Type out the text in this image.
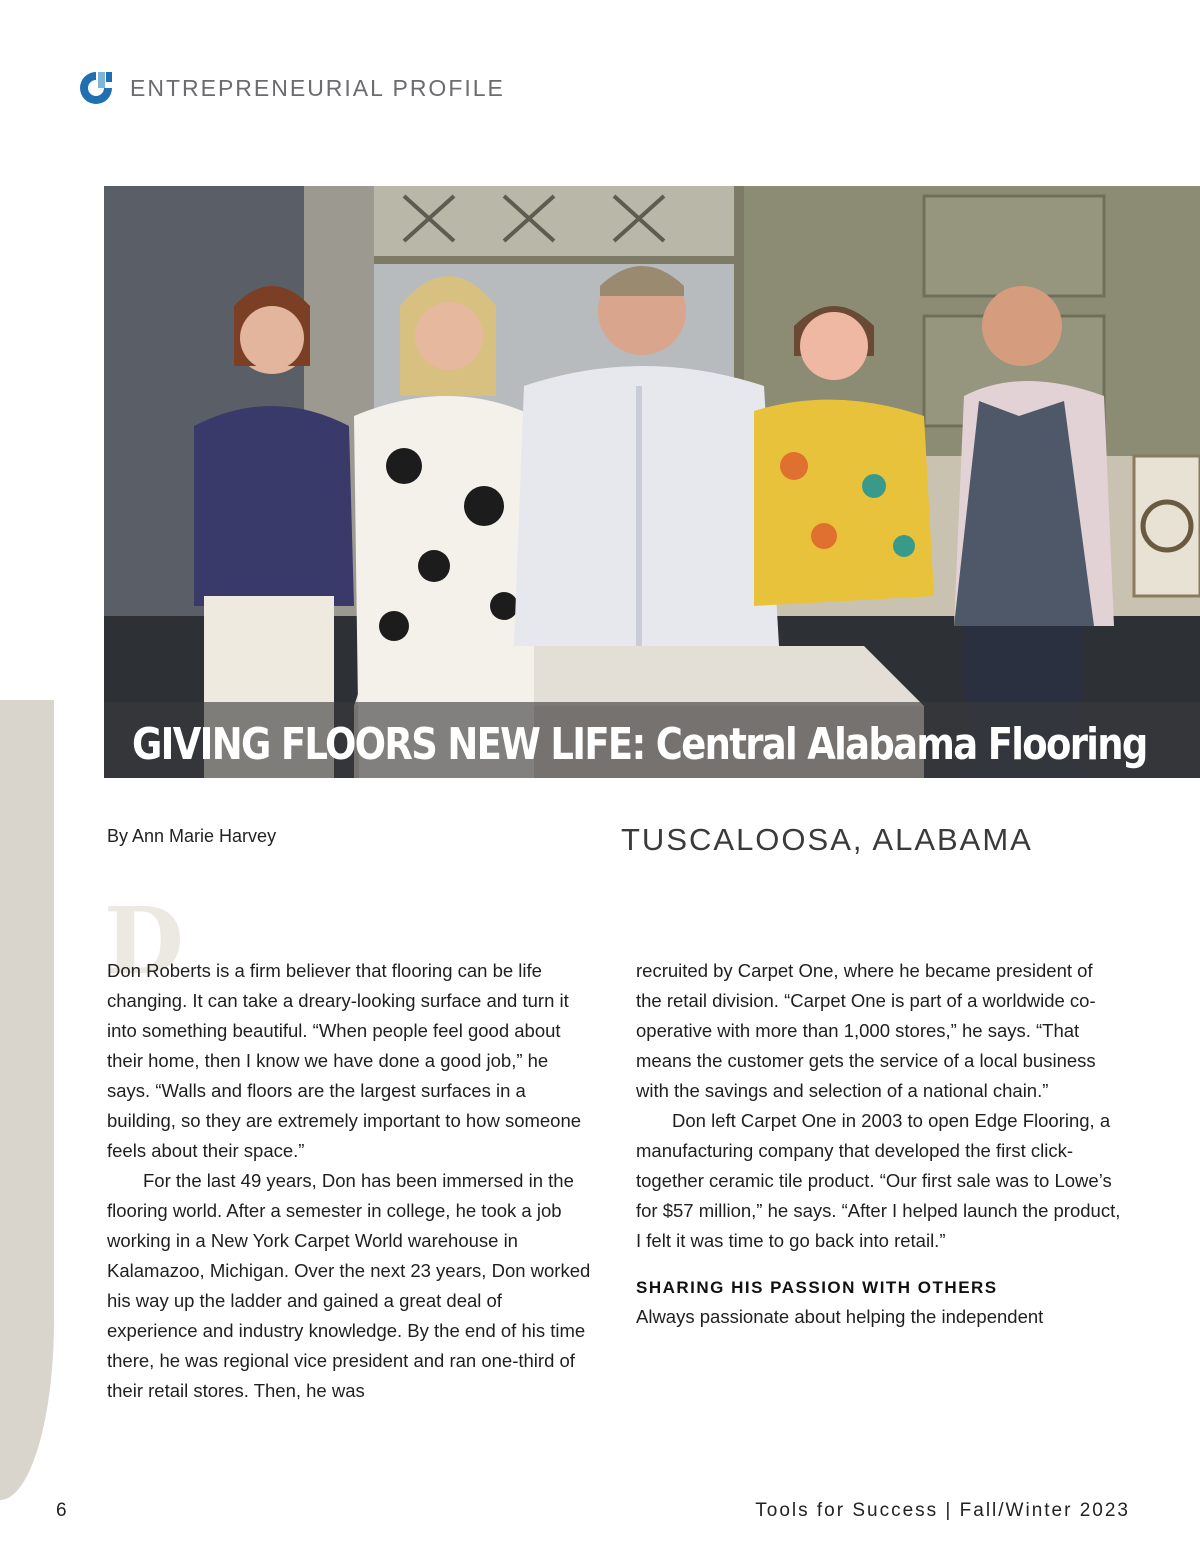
ENTREPRENEURIAL PROFILE
GIVING FLOORS NEW LIFE: Central Alabama Flooring
By Ann Marie Harvey	TUSCALOOSA, ALABAMA
D

Don Roberts is a firm believer that flooring can be life changing. It can take a dreary-looking surface and turn it into something beautiful. “When people feel good about their home, then I know we have done a good job,” he says. “Walls and floors are the largest surfaces in a building, so they are extremely important to how someone feels about their space.”

For the last 49 years, Don has been immersed in the flooring world. After a semester in college, he took a job working in a New York Carpet World warehouse in Kalamazoo, Michigan. Over the next 23 years, Don worked his way up the ladder and gained a great deal of experience and industry knowledge. By the end of his time there, he was regional vice president and ran one-third of their retail stores. Then, he was

recruited by Carpet One, where he became president of the retail division. “Carpet One is part of a worldwide co-operative with more than 1,000 stores,” he says. “That means the customer gets the service of a local business with the savings and selection of a national chain.”

Don left Carpet One in 2003 to open Edge Flooring, a manufacturing company that developed the first click-together ceramic tile product. “Our first sale was to Lowe’s for $57 million,” he says. “After I helped launch the product, I felt it was time to go back into retail.”

SHARING HIS PASSION WITH OTHERS

Always passionate about helping the independent

6	Tools for Success | Fall/Winter 2023
